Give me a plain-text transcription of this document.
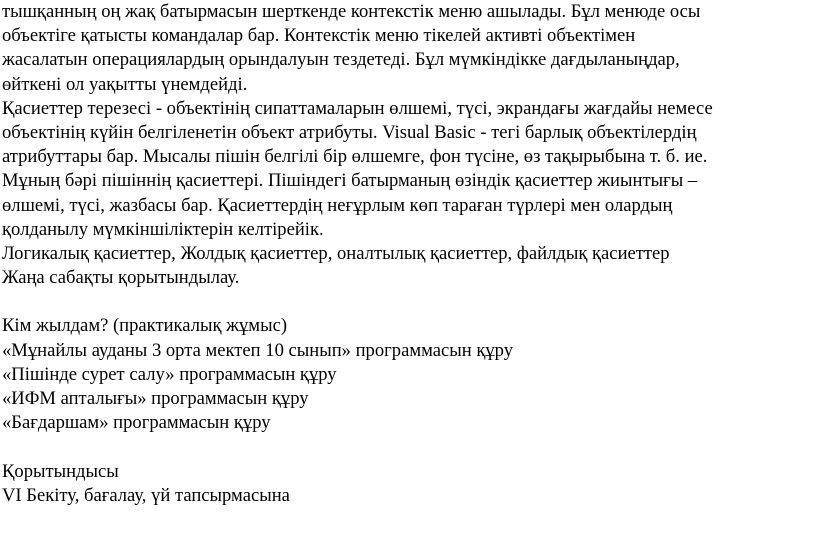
тышқанның оң жақ батырмасын шерткенде контекстік меню ашылады. Бұл менюде осы
объектіге қатысты командалар бар. Контекстік меню тікелей активті объектімен
жасалатын операциялардың орындалуын тездетеді. Бұл мүмкіндікке дағдыланыңдар,
өйткені ол уақытты үнемдейді.
Қасиеттер терезесі - объектінің сипаттамаларын өлшемі, түсі, экрандағы жағдайы немесе
объектінің күйін белгіленетін объект атрибуты. Visual Basic - тегі барлық объектілердің
атрибуттары бар. Мысалы пішін белгілі бір өлшемге, фон түсіне, өз тақырыбына т. б. ие.
Мұның бәрі пішіннің қасиеттері. Пішіндегі батырманың өзіндік қасиеттер жиынтығы –
өлшемі, түсі, жазбасы бар. Қасиеттердің неғұрлым көп тараған түрлері мен олардың
қолданылу мүмкіншіліктерін келтірейік.
Логикалық қасиеттер, Жолдық қасиеттер, оналтылық қасиеттер, файлдық қасиеттер
Жаңа сабақты қорытындылау.
Кім жылдам? (практикалық жұмыс)
«Мұнайлы ауданы 3 орта мектеп 10 сынып» программасын құру
«Пішінде сурет салу» программасын құру
«ИФМ апталығы» программасын құру
«Бағдаршам» программасын құру
Қорытындысы
VI Бекіту, бағалау, үй тапсырмасына
